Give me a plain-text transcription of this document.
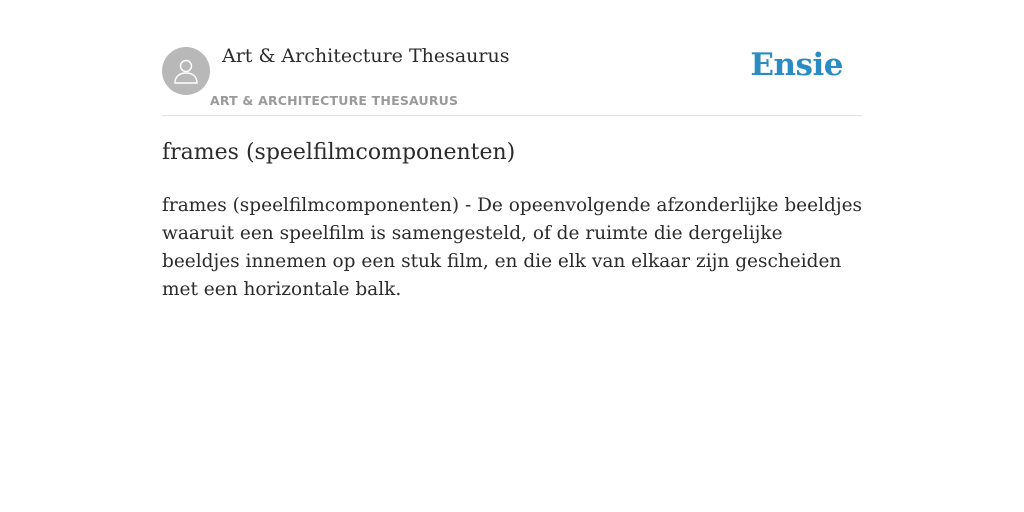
Art & Architecture Thesaurus
ART & ARCHITECTURE THESAURUS
Ensie
frames (speelfilmcomponenten)

frames (speelfilmcomponenten) - De opeenvolgende afzonderlijke beeldjes waaruit een speelfilm is samengesteld, of de ruimte die dergelijke beeldjes innemen op een stuk film, en die elk van elkaar zijn gescheiden met een horizontale balk.
